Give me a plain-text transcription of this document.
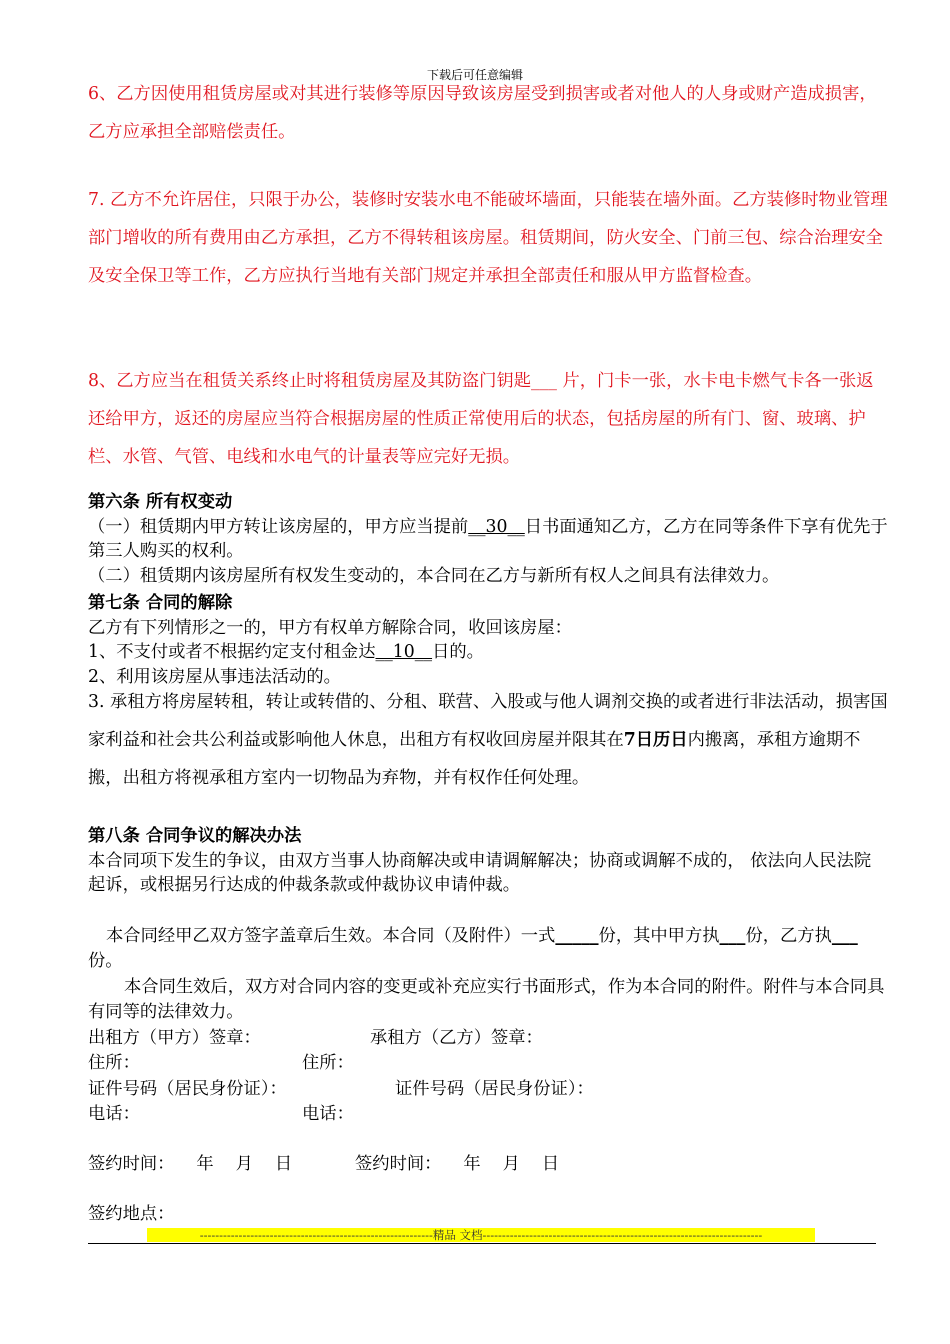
下载后可任意编辑
6、乙方因使用租赁房屋或对其进行装修等原因导致该房屋受到损害或者对他人的人身或财产造成损害，乙方应承担全部赔偿责任。
7. 乙方不允许居住，只限于办公，装修时安装水电不能破坏墙面，只能装在墙外面。乙方装修时物业管理部门增收的所有费用由乙方承担，乙方不得转租该房屋。租赁期间，防火安全、门前三包、综合治理安全及安全保卫等工作，乙方应执行当地有关部门规定并承担全部责任和服从甲方监督检查。
8、乙方应当在租赁关系终止时将租赁房屋及其防盗门钥匙___ 片，门卡一张，水卡电卡燃气卡各一张返还给甲方，返还的房屋应当符合根据房屋的性质正常使用后的状态，包括房屋的所有门、窗、玻璃、护栏、水管、气管、电线和水电气的计量表等应完好无损。

第六条 所有权变动

（一）租赁期内甲方转让该房屋的，甲方应当提前__30__日书面通知乙方，乙方在同等条件下享有优先于第三人购买的权利。

（二）租赁期内该房屋所有权发生变动的，本合同在乙方与新所有权人之间具有法律效力。

第七条 合同的解除

乙方有下列情形之一的，甲方有权单方解除合同，收回该房屋：

1、不支付或者不根据约定支付租金达__10__日的。

2、利用该房屋从事违法活动的。

3. 承租方将房屋转租，转让或转借的、分租、联营、入股或与他人调剂交换的或者进行非法活动，损害国家利益和社会共公利益或影响他人休息，出租方有权收回房屋并限其在7日历日内搬离，承租方逾期不搬，出租方将视承租方室内一切物品为弃物，并有权作任何处理。

第八条 合同争议的解决办法

本合同项下发生的争议，由双方当事人协商解决或申请调解解决；协商或调解不成的， 依法向人民法院起诉，或根据另行达成的仲裁条款或仲裁协议申请仲裁。

本合同经甲乙双方签字盖章后生效。本合同（及附件）一式_____份，其中甲方执___份，乙方执___份。

本合同生效后，双方对合同内容的变更或补充应实行书面形式，作为本合同的附件。附件与本合同具有同等的法律效力。

出租方（甲方）签章：	承租方（乙方）签章：
住所：	住所：
证件号码（居民身份证）：	证件号码（居民身份证）：
电话：	电话：
签约时间：    年    月    日	签约时间：    年    月    日
签约地点：
------------------------------------------------------------精品 文档------------------------------------------------------------------------
